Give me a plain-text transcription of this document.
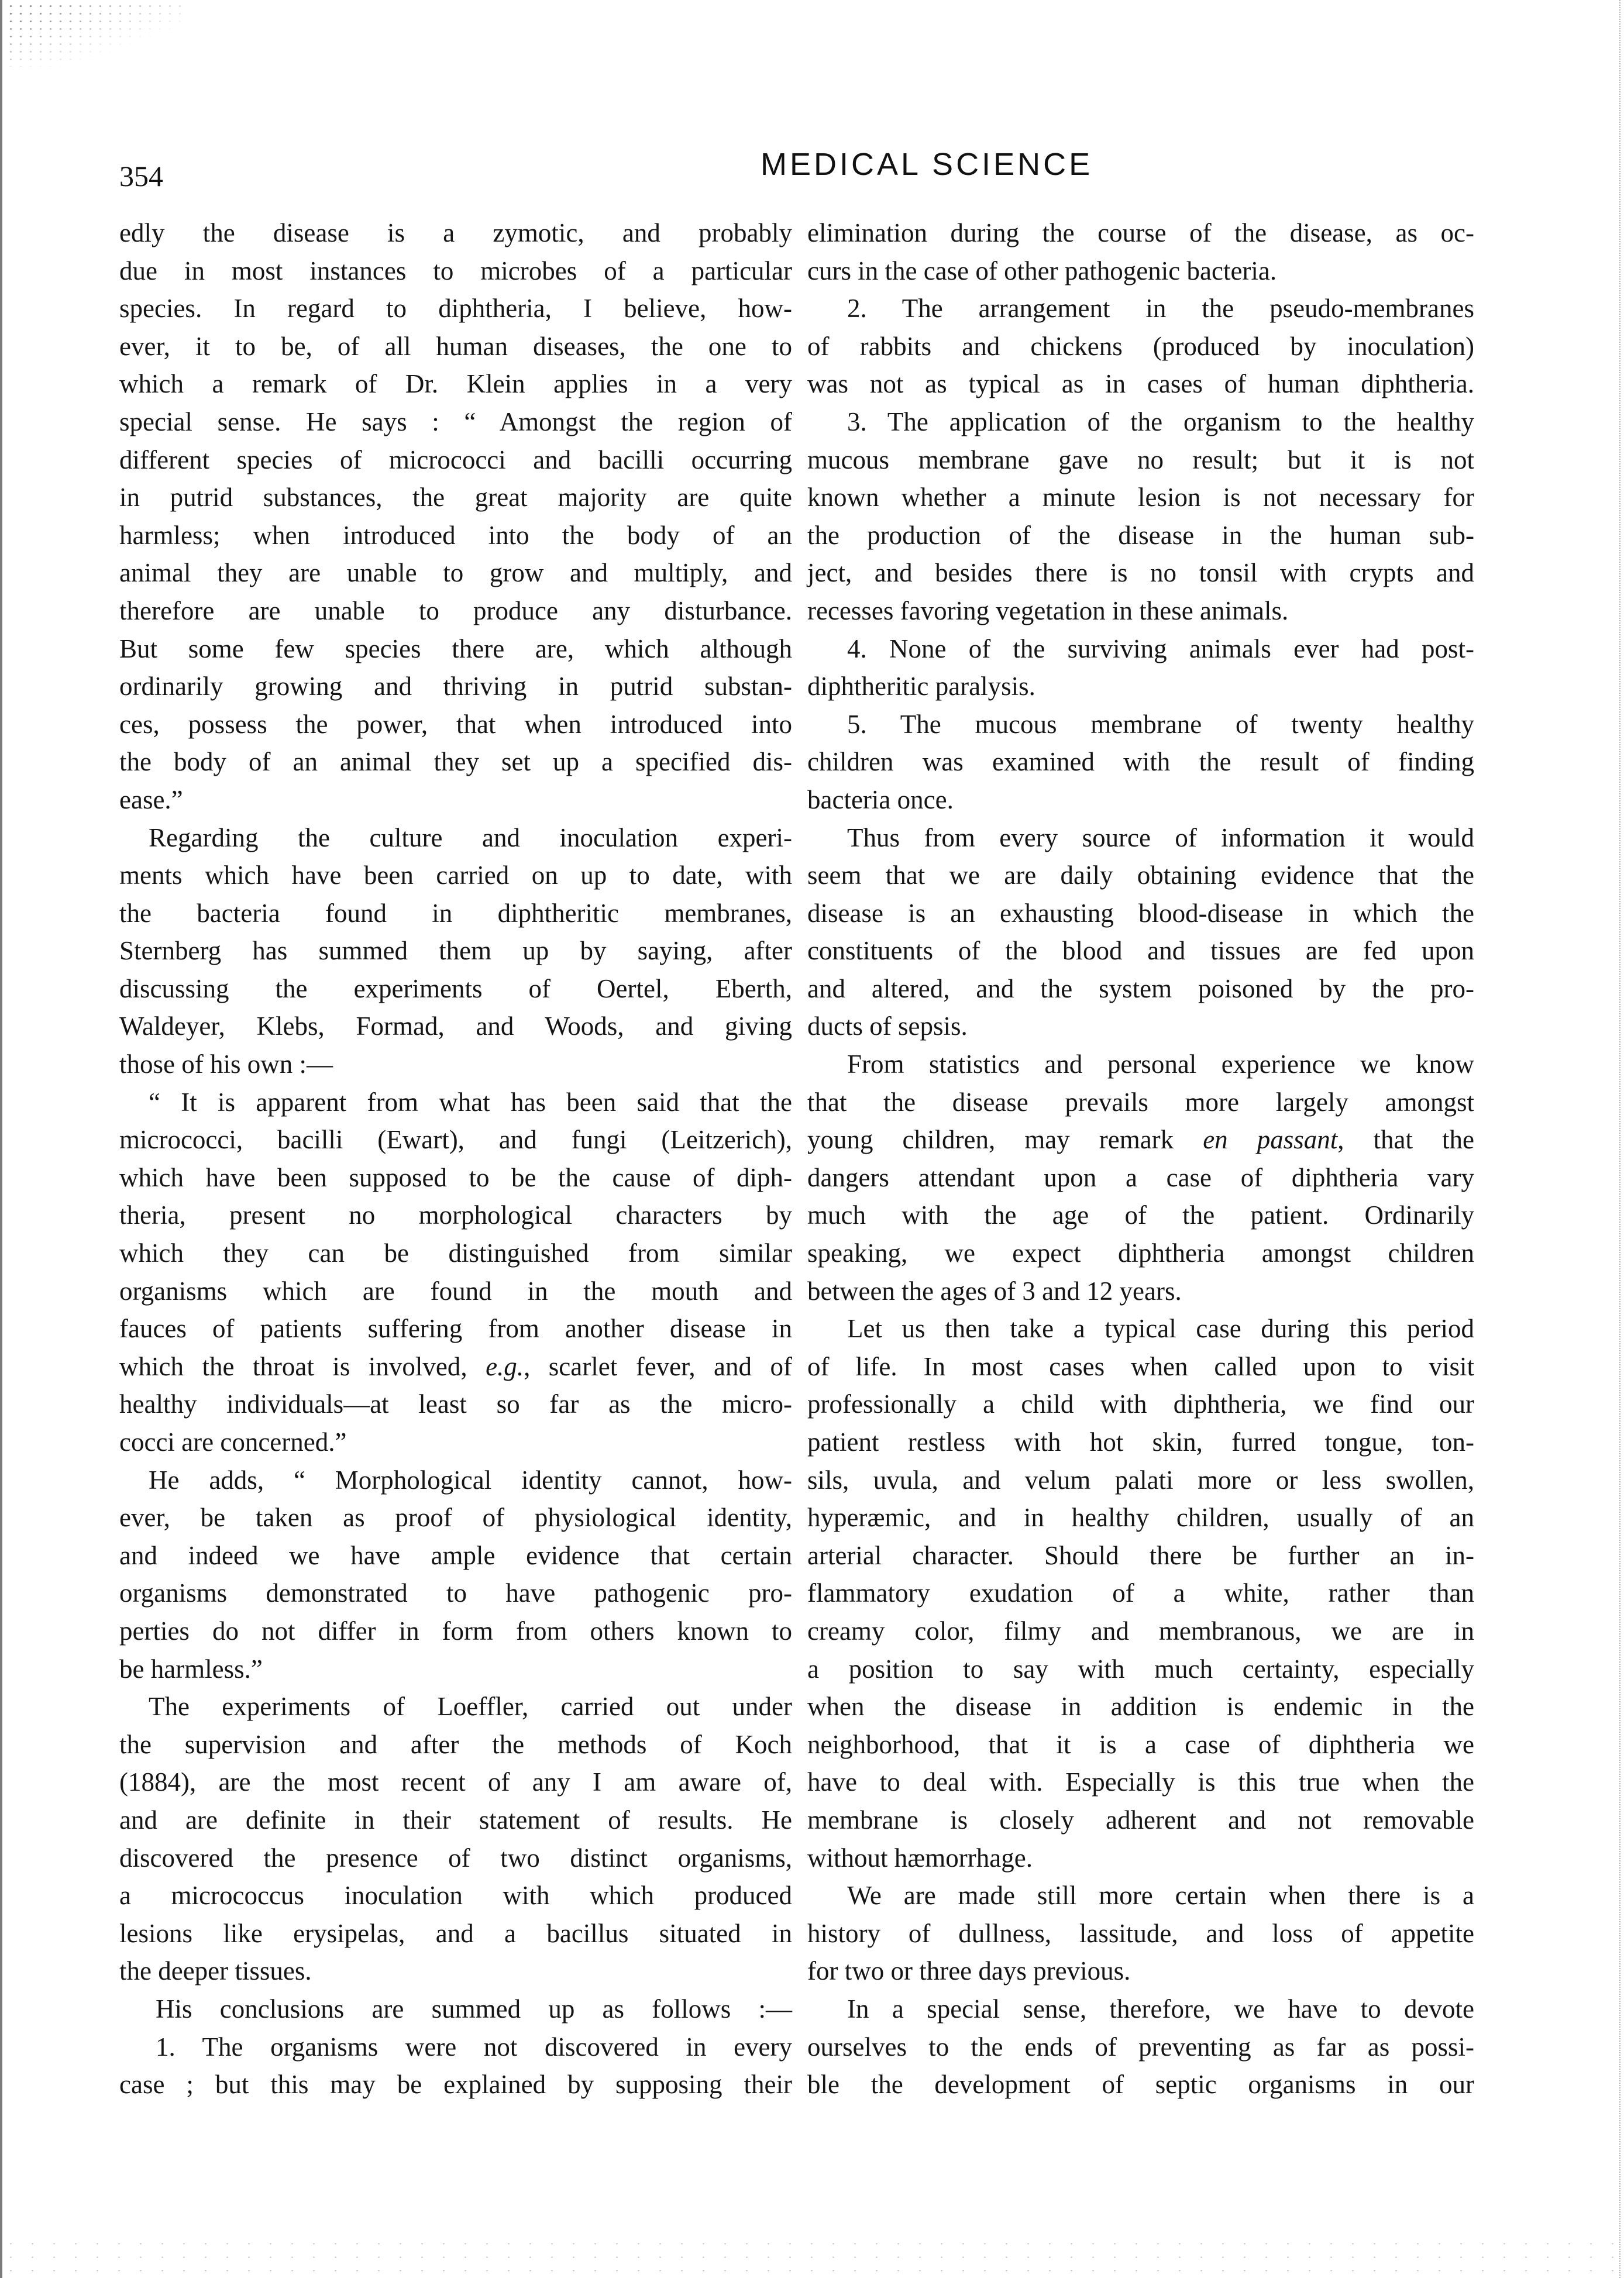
354	MEDICAL SCIENCE
edly the disease is a zymotic, and probably
due in most instances to microbes of a particular
species. In regard to diphtheria, I believe, how-
ever, it to be, of all human diseases, the one to
which a remark of Dr. Klein applies in a very
special sense. He says : “ Amongst the region of
different species of micrococci and bacilli occurring
in putrid substances, the great majority are quite
harmless; when introduced into the body of an
animal they are unable to grow and multiply, and
therefore are unable to produce any disturbance.
But some few species there are, which although
ordinarily growing and thriving in putrid substan-
ces, possess the power, that when introduced into
the body of an animal they set up a specified dis-
ease.”
Regarding the culture and inoculation experi-
ments which have been carried on up to date, with
the bacteria found in diphtheritic membranes,
Sternberg has summed them up by saying, after
discussing the experiments of Oertel, Eberth,
Waldeyer, Klebs, Formad, and Woods, and giving
those of his own :—
“ It is apparent from what has been said that the
micrococci, bacilli (Ewart), and fungi (Leitzerich),
which have been supposed to be the cause of diph-
theria, present no morphological characters by
which they can be distinguished from similar
organisms which are found in the mouth and
fauces of patients suffering from another disease in
which the throat is involved, e.g., scarlet fever, and of
healthy individuals—at least so far as the micro-
cocci are concerned.”
He adds, “ Morphological identity cannot, how-
ever, be taken as proof of physiological identity,
and indeed we have ample evidence that certain
organisms demonstrated to have pathogenic pro-
perties do not differ in form from others known to
be harmless.”
The experiments of Loeffler, carried out under
the supervision and after the methods of Koch
(1884), are the most recent of any I am aware of,
and are definite in their statement of results. He
discovered the presence of two distinct organisms,
a micrococcus inoculation with which produced
lesions like erysipelas, and a bacillus situated in
the deeper tissues.
His conclusions are summed up as follows :—
1. The organisms were not discovered in every
case ; but this may be explained by supposing their
elimination during the course of the disease, as oc-
curs in the case of other pathogenic bacteria.
2. The arrangement in the pseudo-membranes
of rabbits and chickens (produced by inoculation)
was not as typical as in cases of human diphtheria.
3. The application of the organism to the healthy
mucous membrane gave no result; but it is not
known whether a minute lesion is not necessary for
the production of the disease in the human sub-
ject, and besides there is no tonsil with crypts and
recesses favoring vegetation in these animals.
4. None of the surviving animals ever had post-
diphtheritic paralysis.
5. The mucous membrane of twenty healthy
children was examined with the result of finding
bacteria once.
Thus from every source of information it would
seem that we are daily obtaining evidence that the
disease is an exhausting blood-disease in which the
constituents of the blood and tissues are fed upon
and altered, and the system poisoned by the pro-
ducts of sepsis.
From statistics and personal experience we know
that the disease prevails more largely amongst
young children, may remark en passant, that the
dangers attendant upon a case of diphtheria vary
much with the age of the patient. Ordinarily
speaking, we expect diphtheria amongst children
between the ages of 3 and 12 years.
Let us then take a typical case during this period
of life. In most cases when called upon to visit
professionally a child with diphtheria, we find our
patient restless with hot skin, furred tongue, ton-
sils, uvula, and velum palati more or less swollen,
hyperæmic, and in healthy children, usually of an
arterial character. Should there be further an in-
flammatory exudation of a white, rather than
creamy color, filmy and membranous, we are in
a position to say with much certainty, especially
when the disease in addition is endemic in the
neighborhood, that it is a case of diphtheria we
have to deal with. Especially is this true when the
membrane is closely adherent and not removable
without hæmorrhage.
We are made still more certain when there is a
history of dullness, lassitude, and loss of appetite
for two or three days previous.
In a special sense, therefore, we have to devote
ourselves to the ends of preventing as far as possi-
ble the development of septic organisms in our
